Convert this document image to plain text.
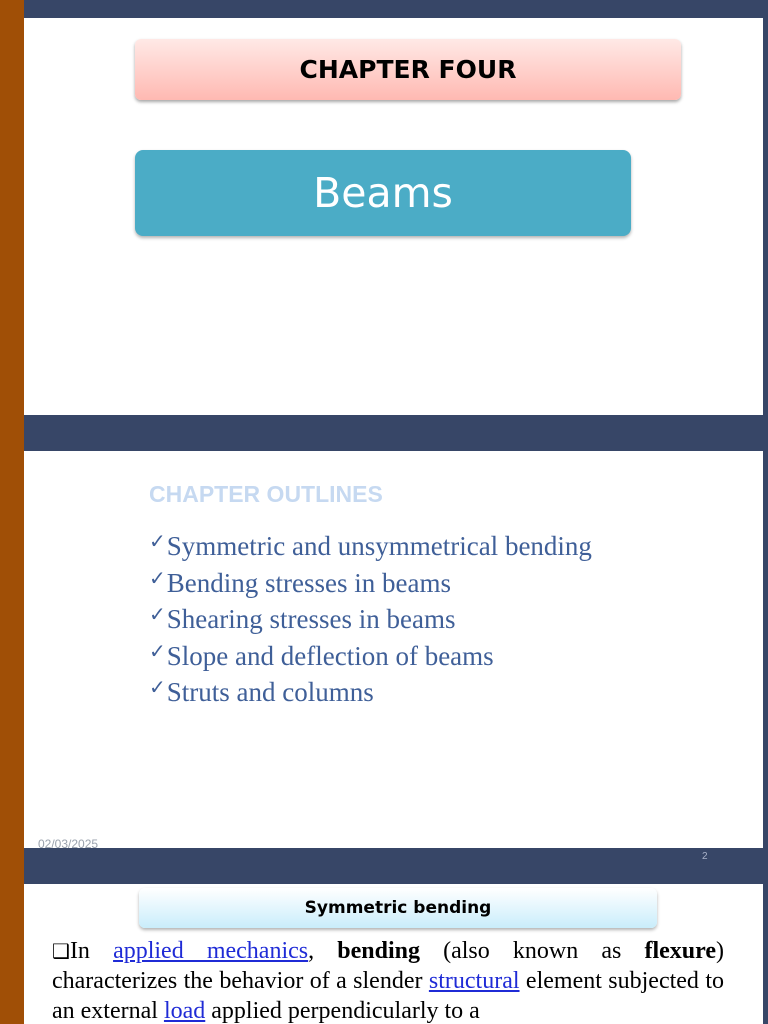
CHAPTER FOUR
Beams
CHAPTER OUTLINES
✓Symmetric and unsymmetrical bending
✓Bending stresses in beams
✓Shearing stresses in beams
✓Slope and deflection of beams
✓Struts and columns
02/03/2025
2
Symmetric bending

❑In applied mechanics, bending (also known as flexure) characterizes the behavior of a slender structural element subjected to an external load applied perpendicularly to a
